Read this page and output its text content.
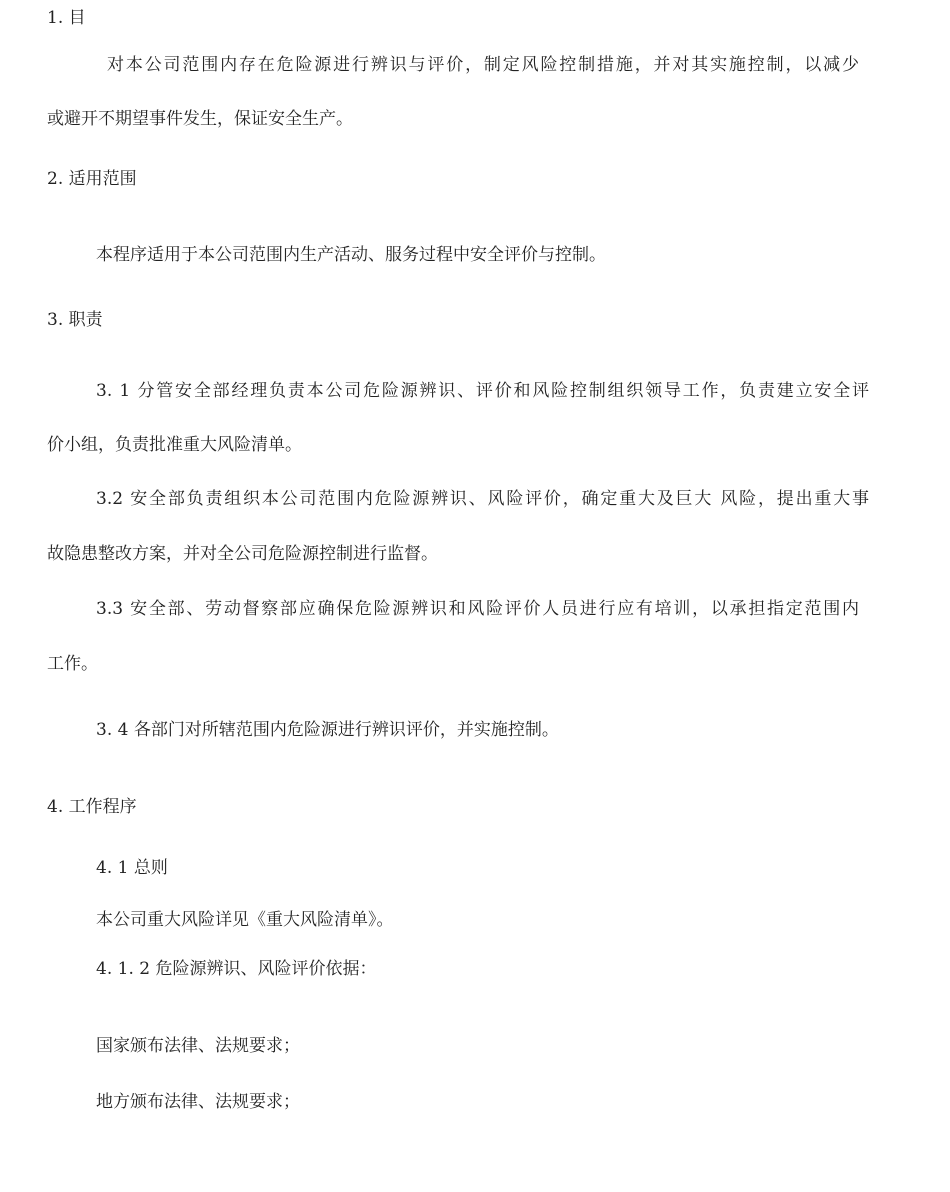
1. 目
对本公司范围内存在危险源进行辨识与评价，制定风险控制措施，并对其实施控制，以减少
或避开不期望事件发生，保证安全生产。
2. 适用范围
本程序适用于本公司范围内生产活动、服务过程中安全评价与控制。
3. 职责
3. 1 分管安全部经理负责本公司危险源辨识、评价和风险控制组织领导工作，负责建立安全评
价小组，负责批准重大风险清单。
3.2 安全部负责组织本公司范围内危险源辨识、风险评价，确定重大及巨大 风险，提出重大事
故隐患整改方案，并对全公司危险源控制进行监督。
3.3 安全部、劳动督察部应确保危险源辨识和风险评价人员进行应有培训，以承担指定范围内
工作。
3. 4 各部门对所辖范围内危险源进行辨识评价，并实施控制。
4. 工作程序
4. 1 总则
本公司重大风险详见《重大风险清单》。
4. 1. 2 危险源辨识、风险评价依据：
国家颁布法律、法规要求；
地方颁布法律、法规要求；
